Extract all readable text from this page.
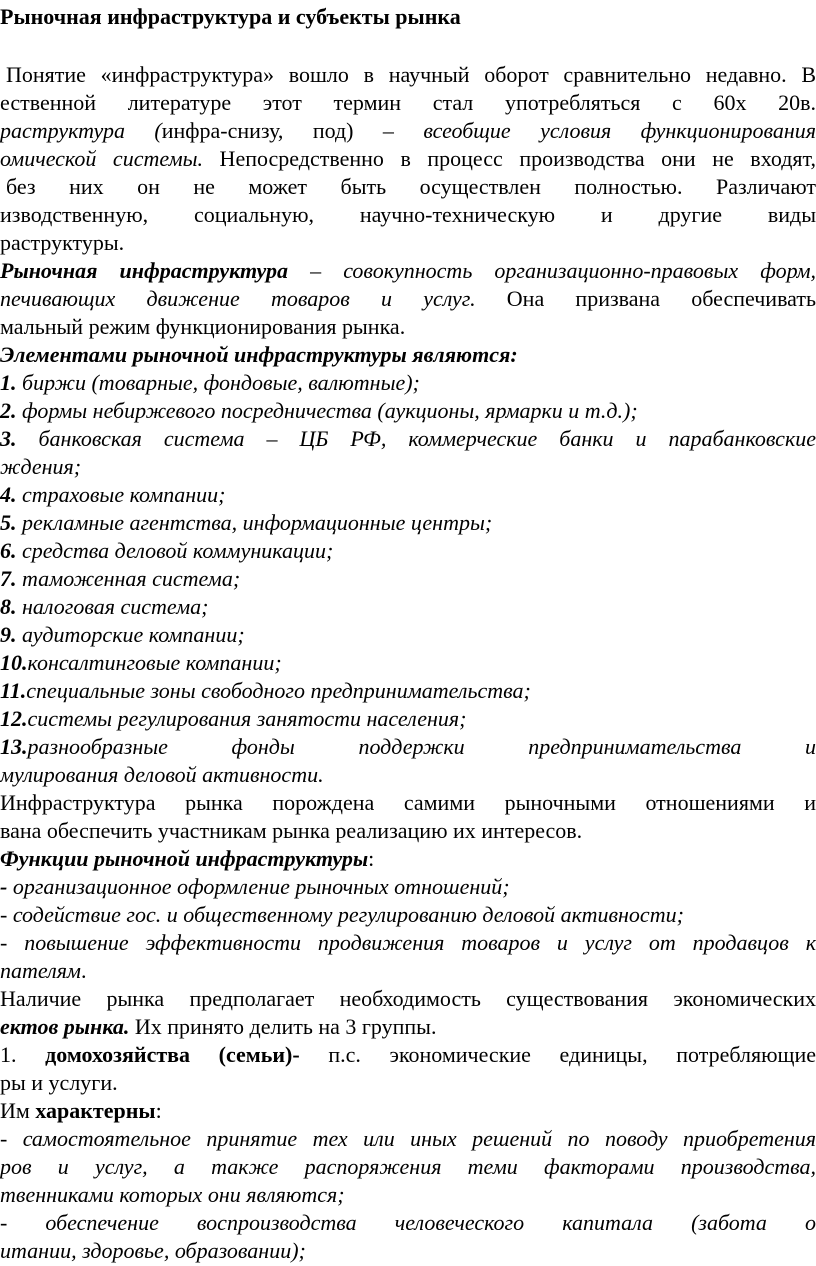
Рыночная инфраструктура и субъекты рынка
Понятие «инфраструктура» вошло в научный оборот сравнительно недавно. В
ественной литературе этот термин стал употребляться с 60х 20в.
раструктура (инфра-снизу, под) – всеобщие условия функционирования
омической системы. Непосредственно в процесс производства они не входят,
без них он не может быть осуществлен полностью. Различают
изводственную, социальную, научно-техническую и другие виды
раструктуры.
Рыночная инфраструктура – совокупность организационно-правовых форм,
печивающих движение товаров и услуг. Она призвана обеспечивать
мальный режим функционирования рынка.
Элементами рыночной инфраструктуры являются:
1. биржи (товарные, фондовые, валютные);
2. формы небиржевого посредничества (аукционы, ярмарки и т.д.);
3. банковская система – ЦБ РФ, коммерческие банки и парабанковские
ждения;
4. страховые компании;
5. рекламные агентства, информационные центры;
6. средства деловой коммуникации;
7. таможенная система;
8. налоговая система;
9. аудиторские компании;
10.консалтинговые компании;
11.специальные зоны свободного предпринимательства;
12.системы регулирования занятости населения;
13.разнообразные фонды поддержки предпринимательства и
мулирования деловой активности.
Инфраструктура рынка порождена самими рыночными отношениями и
вана обеспечить участникам рынка реализацию их интересов.
Функции рыночной инфраструктуры:
- организационное оформление рыночных отношений;
- содействие гос. и общественному регулированию деловой активности;
- повышение эффективности продвижения товаров и услуг от продавцов к
пателям.
Наличие рынка предполагает необходимость существования экономических
ектов рынка. Их принято делить на 3 группы.
1. домохозяйства (семьи)- п.с. экономические единицы, потребляющие
ры и услуги.
Им характерны:
- самостоятельное принятие тех или иных решений по поводу приобретения
ров и услуг, а также распоряжения теми факторами производства,
твенниками которых они являются;
- обеспечение воспроизводства человеческого капитала (забота о
итании, здоровье, образовании);
